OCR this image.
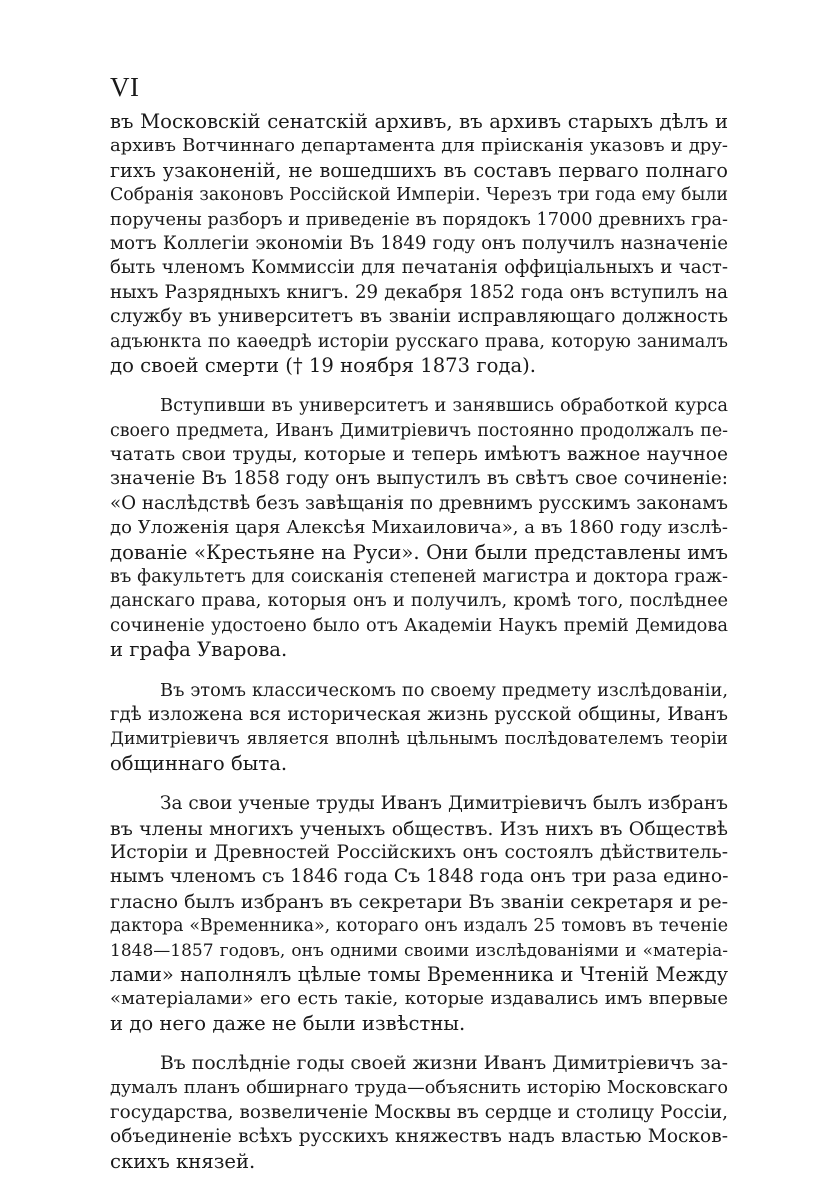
VI
въ Московскій сенатскій архивъ, въ архивъ старыхъ дѣлъ и
архивъ Вотчиннаго департамента для прiисканія указовъ и дру-
гихъ узаконеній, не вошедшихъ въ составъ перваго полнаго
Собранія законовъ Россійской Имперіи. Черезъ три года ему были
поручены разборъ и приведеніе въ порядокъ 17000 древнихъ гра-
мотъ Коллегіи экономіи Въ 1849 году онъ получилъ назначеніе
быть членомъ Коммиссіи для печатанія оффиціальныхъ и част-
ныхъ Разрядныхъ книгъ. 29 декабря 1852 года онъ вступилъ на
службу въ университетъ въ званіи исправляющаго должность
адъюнкта по каѳедрѣ исторіи русскаго права, которую занималъ
до своей смерти († 19 ноября 1873 года).
Вступивши въ университетъ и занявшись обработкой курса
своего предмета, Иванъ Димитріевичъ постоянно продолжалъ пе-
чатать свои труды, которые и теперь имѣютъ важное научное
значеніе Въ 1858 году онъ выпустилъ въ свѣтъ свое сочиненіе:
«О наслѣдствѣ безъ завѣщанія по древнимъ русскимъ законамъ
до Уложенія царя Алексѣя Михаиловича», а въ 1860 году изслѣ-
дованіе «Крестьяне на Руси». Они были представлены имъ
въ факультетъ для соисканія степеней магистра и доктора граж-
данскаго права, которыя онъ и получилъ, кромѣ того, послѣднее
сочиненіе удостоено было отъ Академіи Наукъ премій Демидова
и графа Уварова.
Въ этомъ классическомъ по своему предмету изслѣдованіи,
гдѣ изложена вся историческая жизнь русской общины, Иванъ
Димитріевичъ является вполнѣ цѣльнымъ послѣдователемъ теоріи
общиннаго быта.
За свои ученые труды Иванъ Димитріевичъ былъ избранъ
въ члены многихъ ученыхъ обществъ. Изъ нихъ въ Обществѣ
Исторіи и Древностей Россійскихъ онъ состоялъ дѣйствитель-
нымъ членомъ съ 1846 года Съ 1848 года онъ три раза едино-
гласно былъ избранъ въ секретари Въ званіи секретаря и ре-
дактора «Временника», котораго онъ издалъ 25 томовъ въ теченіе
1848—1857 годовъ, онъ одними своими изслѣдованіями и «матеріа-
лами» наполнялъ цѣлые томы Временника и Чтеній Между
«матеріалами» его есть такіе, которые издавались имъ впервые
и до него даже не были извѣстны.
Въ послѣдніе годы своей жизни Иванъ Димитріевичъ за-
думалъ планъ обширнаго труда—объяснить исторію Московскаго
государства, возвеличеніе Москвы въ сердце и столицу Россіи,
объединеніе всѣхъ русскихъ княжествъ надъ властью Москов-
скихъ князей.
